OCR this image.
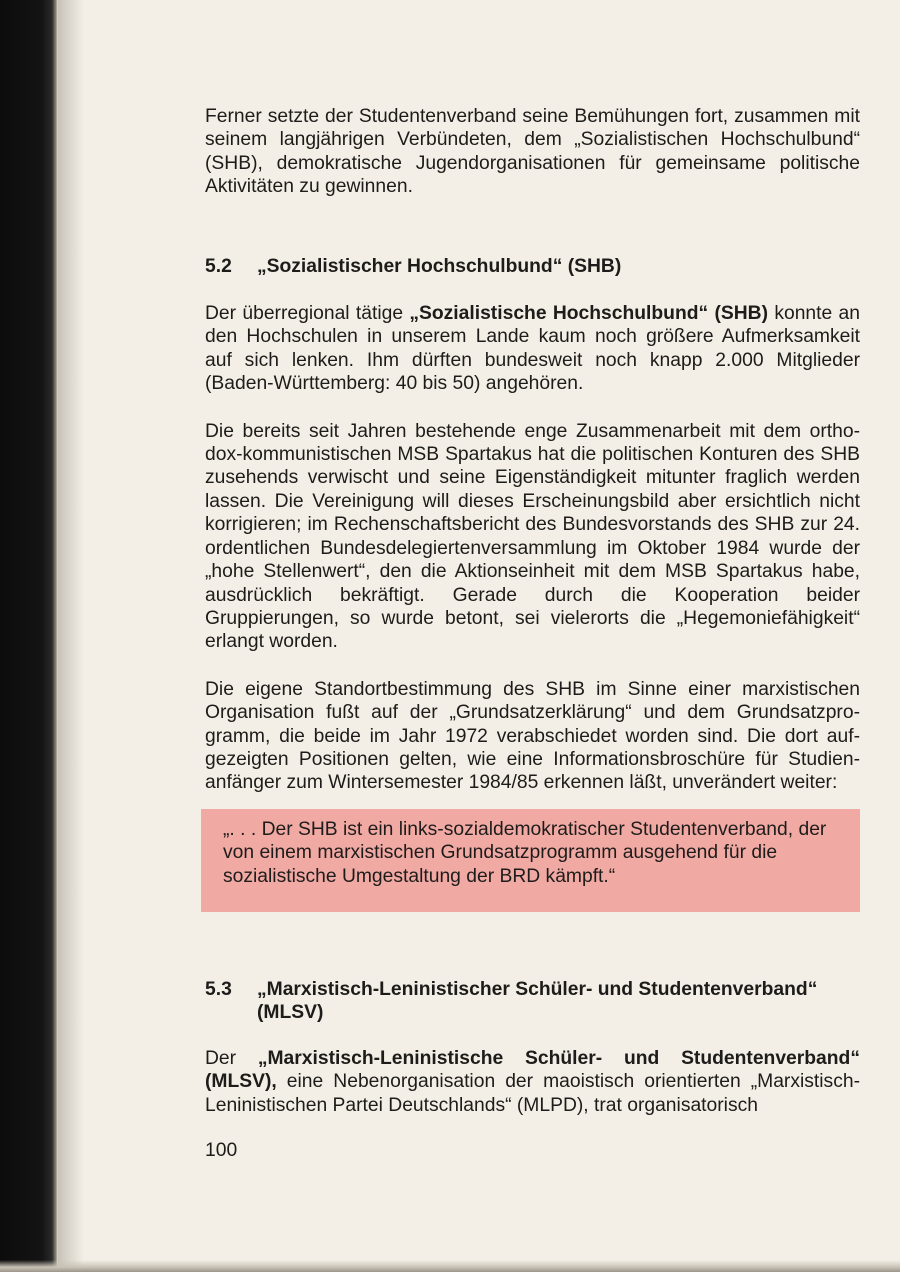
Ferner setzte der Studentenverband seine Bemühungen fort, zusammen mit seinem langjährigen Verbündeten, dem „Sozialistischen Hochschulbund“ (SHB), demokratische Jugendorganisationen für gemeinsame politische Aktivitäten zu gewinnen.

5.2	„Sozialistischer Hochschulbund“ (SHB)

Der überregional tätige „Sozialistische Hochschulbund“ (SHB) konnte an den Hochschulen in unserem Lande kaum noch größere Aufmerksamkeit auf sich lenken. Ihm dürften bundesweit noch knapp 2.000 Mitglieder (Baden-Württemberg: 40 bis 50) angehören.

Die bereits seit Jahren bestehende enge Zusammenarbeit mit dem orthodox-kommunistischen MSB Spartakus hat die politischen Konturen des SHB zusehends verwischt und seine Eigenständigkeit mitunter fraglich werden lassen. Die Vereinigung will dieses Erscheinungsbild aber ersichtlich nicht korrigieren; im Rechenschaftsbericht des Bundesvorstands des SHB zur 24. ordentlichen Bundesdelegiertenversammlung im Oktober 1984 wurde der „hohe Stellenwert“, den die Aktionseinheit mit dem MSB Spartakus habe, ausdrücklich bekräftigt. Gerade durch die Kooperation beider Gruppierungen, so wurde betont, sei vielerorts die „Hegemoniefähigkeit“ erlangt worden.

Die eigene Standortbestimmung des SHB im Sinne einer marxistischen Organisation fußt auf der „Grundsatzerklärung“ und dem Grundsatzprogramm, die beide im Jahr 1972 verabschiedet worden sind. Die dort aufgezeigten Positionen gelten, wie eine Informationsbroschüre für Studienanfänger zum Wintersemester 1984/85 erkennen läßt, unverändert weiter:

„. . . Der SHB ist ein links-sozialdemokratischer Studentenverband, der von einem marxistischen Grundsatzprogramm ausgehend für die sozialistische Umgestaltung der BRD kämpft.“

5.3	„Marxistisch-Leninistischer Schüler- und Studentenverband“ (MLSV)

Der „Marxistisch-Leninistische Schüler- und Studentenverband“ (MLSV), eine Nebenorganisation der maoistisch orientierten „Marxistisch-Leninistischen Partei Deutschlands“ (MLPD), trat organisatorisch

100
